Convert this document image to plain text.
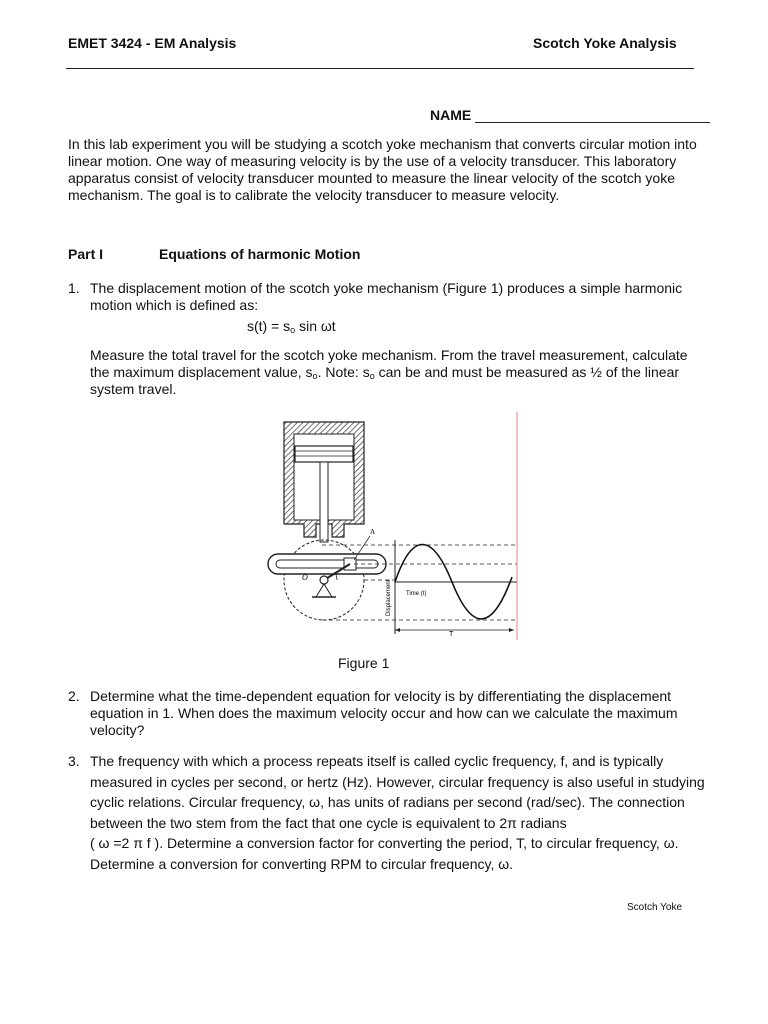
EMET 3424 - EM Analysis	Scotch Yoke Analysis
NAME

In this lab experiment you will be studying a scotch yoke mechanism that converts circular motion into linear motion. One way of measuring velocity is by the use of a velocity transducer. This laboratory apparatus consist of velocity transducer mounted to measure the linear velocity of the scotch yoke mechanism. The goal is to calibrate the velocity transducer to measure velocity.

Part I	Equations of harmonic Motion
1. The displacement motion of the scotch yoke mechanism (Figure 1) produces a simple harmonic motion which is defined as:

$s(t) = s_o$ sin ωt

Measure the total travel for the scotch yoke mechanism. From the travel measurement, calculate the maximum displacement value, $s_o$. Note: $s_o$ can be and must be measured as ½ of the linear system travel.

A
O
Displacement Time (t)
T
Figure 1
2. Determine what the time-dependent equation for velocity is by differentiating the displacement equation in 1. When does the maximum velocity occur and how can we calculate the maximum velocity?

3. The frequency with which a process repeats itself is called cyclic frequency, f, and is typically measured in cycles per second, or hertz (Hz). However, circular frequency is also useful in studying cyclic relations. Circular frequency, ω, has units of radians per second (rad/sec). The connection between the two stem from the fact that one cycle is equivalent to 2π radians

( ω =2 π f ). Determine a conversion factor for converting the period, T, to circular frequency, ω. Determine a conversion for converting RPM to circular frequency, ω.

Scotch Yoke
